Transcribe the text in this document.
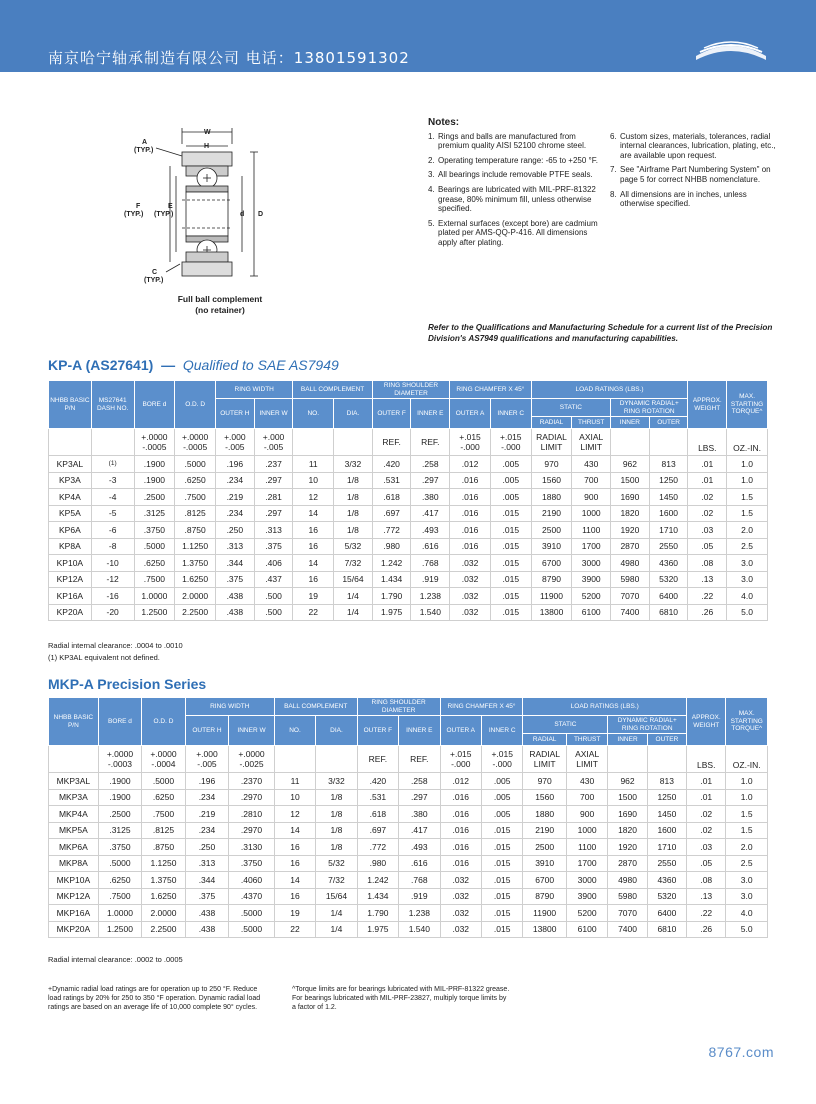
南京哈宁轴承制造有限公司 电话：13801591302
W
H
A
(TYP.)
F
(TYP.)
E
(TYP.)	d D
C
(TYP.)
Full ball complement
(no retainer)
Notes:
1. Rings and balls are manufactured from premium quality AISI 52100 chrome steel.
2. Operating temperature range: -65 to +250 °F.
3. All bearings include removable PTFE seals.
4. Bearings are lubricated with MIL-PRF-81322 grease, 80% minimum fill, unless otherwise specified.
5. External surfaces (except bore) are cadmium plated per AMS-QQ-P-416. All dimensions apply after plating.
6. Custom sizes, materials, tolerances, radial internal clearances, lubrication, plating, etc., are available upon request.
7. See "Airframe Part Numbering System" on page 5 for correct NHBB nomenclature.
8. All dimensions are in inches, unless otherwise specified.
Refer to the Qualifications and Manufacturing Schedule for a current list of the Precision Division's AS7949 qualifications and manufacturing capabilities.
KP-A (AS27641) — Qualified to SAE AS7949
NHBB BASIC P/N	MS27641 DASH NO.	BORE d	O.D. D	RING WIDTH		BALL COMPLEMENT		RING SHOULDER DIAMETER		RING CHAMFER X 45°		LOAD RATINGS (LBS.)				APPROX. WEIGHT	MAX. STARTING TORQUE^
				OUTER H	INNER W	NO.	DIA.	OUTER F	INNER E	OUTER A	INNER C	STATIC		DYNAMIC RADIAL+ RING ROTATION			
												RADIAL	THRUST	INNER	OUTER		
		+.0000 -.0005	+.0000 -.0005	+.000 -.005	+.000 -.005			REF.	REF.	+.015 -.000	+.015 -.000	RADIAL LIMIT	AXIAL LIMIT			LBS.	OZ.-IN.
KP3AL	(1)	.1900	.5000	.196	.237	11	3/32	.420	.258	.012	.005	970	430	962	813	.01	1.0
KP3A	-3	.1900	.6250	.234	.297	10	1/8	.531	.297	.016	.005	1560	700	1500	1250	.01	1.0
KP4A	-4	.2500	.7500	.219	.281	12	1/8	.618	.380	.016	.005	1880	900	1690	1450	.02	1.5
KP5A	-5	.3125	.8125	.234	.297	14	1/8	.697	.417	.016	.015	2190	1000	1820	1600	.02	1.5
KP6A	-6	.3750	.8750	.250	.313	16	1/8	.772	.493	.016	.015	2500	1100	1920	1710	.03	2.0
KP8A	-8	.5000	1.1250	.313	.375	16	5/32	.980	.616	.016	.015	3910	1700	2870	2550	.05	2.5
KP10A	-10	.6250	1.3750	.344	.406	14	7/32	1.242	.768	.032	.015	6700	3000	4980	4360	.08	3.0
KP12A	-12	.7500	1.6250	.375	.437	16	15/64	1.434	.919	.032	.015	8790	3900	5980	5320	.13	3.0
KP16A	-16	1.0000	2.0000	.438	.500	19	1/4	1.790	1.238	.032	.015	11900	5200	7070	6400	.22	4.0
KP20A	-20	1.2500	2.2500	.438	.500	22	1/4	1.975	1.540	.032	.015	13800	6100	7400	6810	.26	5.0
Radial internal clearance: .0004 to .0010
(1) KP3AL equivalent not defined.
MKP-A Precision Series
NHBB BASIC P/N	BORE d	O.D. D	RING WIDTH		BALL COMPLEMENT		RING SHOULDER DIAMETER		RING CHAMFER X 45°		LOAD RATINGS (LBS.)				APPROX. WEIGHT	MAX. STARTING TORQUE^
			OUTER H	INNER W	NO.	DIA.	OUTER F	INNER E	OUTER A	INNER C	STATIC		DYNAMIC RADIAL+ RING ROTATION			
											RADIAL	THRUST	INNER	OUTER		
	+.0000 -.0003	+.0000 -.0004	+.000 -.005	+.0000 -.0025			REF.	REF.	+.015 -.000	+.015 -.000	RADIAL LIMIT	AXIAL LIMIT			LBS.	OZ.-IN.
MKP3AL	.1900	.5000	.196	.2370	11	3/32	.420	.258	.012	.005	970	430	962	813	.01	1.0
MKP3A	.1900	.6250	.234	.2970	10	1/8	.531	.297	.016	.005	1560	700	1500	1250	.01	1.0
MKP4A	.2500	.7500	.219	.2810	12	1/8	.618	.380	.016	.005	1880	900	1690	1450	.02	1.5
MKP5A	.3125	.8125	.234	.2970	14	1/8	.697	.417	.016	.015	2190	1000	1820	1600	.02	1.5
MKP6A	.3750	.8750	.250	.3130	16	1/8	.772	.493	.016	.015	2500	1100	1920	1710	.03	2.0
MKP8A	.5000	1.1250	.313	.3750	16	5/32	.980	.616	.016	.015	3910	1700	2870	2550	.05	2.5
MKP10A	.6250	1.3750	.344	.4060	14	7/32	1.242	.768	.032	.015	6700	3000	4980	4360	.08	3.0
MKP12A	.7500	1.6250	.375	.4370	16	15/64	1.434	.919	.032	.015	8790	3900	5980	5320	.13	3.0
MKP16A	1.0000	2.0000	.438	.5000	19	1/4	1.790	1.238	.032	.015	11900	5200	7070	6400	.22	4.0
MKP20A	1.2500	2.2500	.438	.5000	22	1/4	1.975	1.540	.032	.015	13800	6100	7400	6810	.26	5.0
Radial internal clearance: .0002 to .0005
+Dynamic radial load ratings are for operation up to 250 °F. Reduce load ratings by 20% for 250 to 350 °F operation. Dynamic radial load ratings are based on an average life of 10,000 complete 90° cycles.
^Torque limits are for bearings lubricated with MIL-PRF-81322 grease. For bearings lubricated with MIL-PRF-23827, multiply torque limits by a factor of 1.2.
8767.com
